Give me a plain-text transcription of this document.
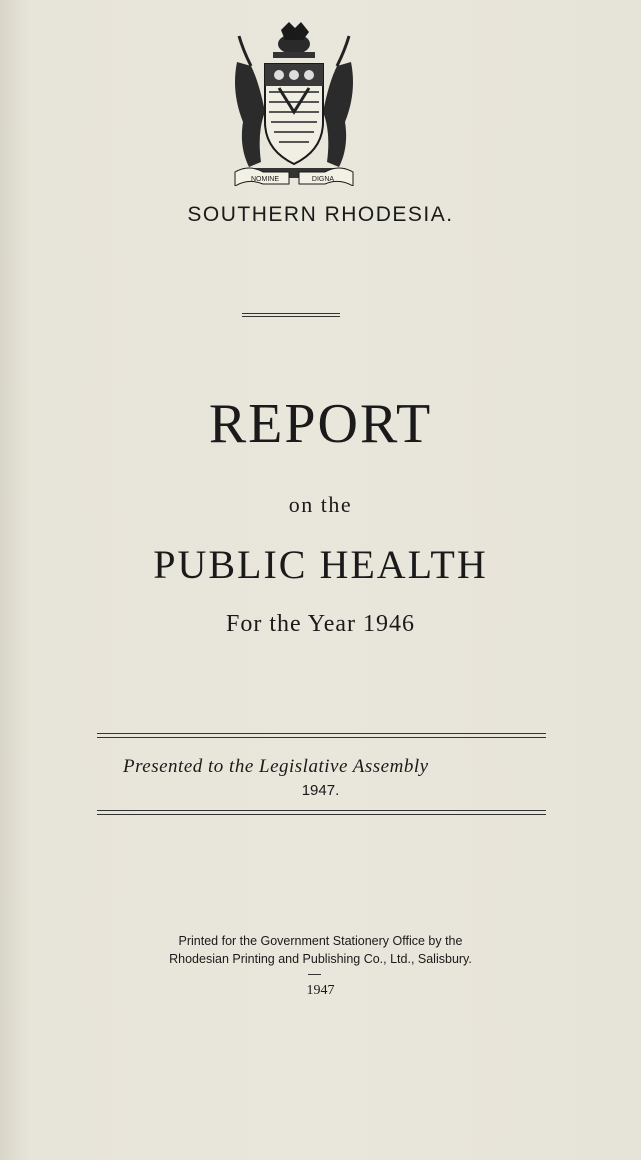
NOMINE	DIGNA
SOUTHERN RHODESIA.
REPORT
on the
PUBLIC HEALTH
For the Year 1946
Presented to the Legislative Assembly
1947.
Printed for the Government Stationery Office by the
Rhodesian Printing and Publishing Co., Ltd., Salisbury.
1947
